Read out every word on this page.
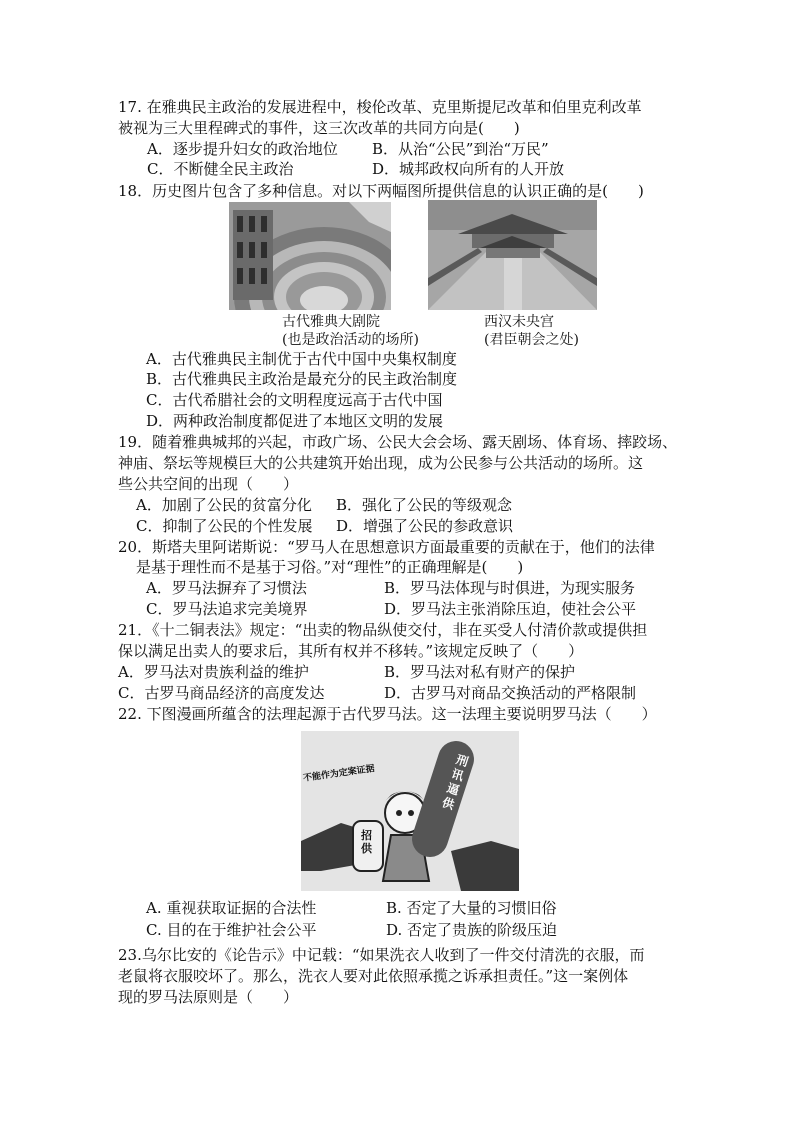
17. 在雅典民主政治的发展进程中，梭伦改革、克里斯提尼改革和伯里克利改革
被视为三大里程碑式的事件，这三次改革的共同方向是(　　)
A．逐步提升妇女的政治地位 B．从治“公民”到治“万民”
C．不断健全民主政治	D．城邦政权向所有的人开放
18．历史图片包含了多种信息。对以下两幅图所提供信息的认识正确的是(　　)
古代雅典大剧院
(也是政治活动的场所)
西汉未央宫
(君臣朝会之处)
A．古代雅典民主制优于古代中国中央集权制度
B．古代雅典民主政治是最充分的民主政治制度
C．古代希腊社会的文明程度远高于古代中国
D．两种政治制度都促进了本地区文明的发展
19．随着雅典城邦的兴起，市政广场、公民大会会场、露天剧场、体育场、摔跤场、
神庙、祭坛等规模巨大的公共建筑开始出现，成为公民参与公共活动的场所。这
些公共空间的出现（　　）
A．加剧了公民的贫富分化 B．强化了公民的等级观念
C．抑制了公民的个性发展 D．增强了公民的参政意识
20．斯塔夫里阿诺斯说：“罗马人在思想意识方面最重要的贡献在于，他们的法律
是基于理性而不是基于习俗。”对“理性”的正确理解是(　　)
A．罗马法摒弃了习惯法	B．罗马法体现与时俱进，为现实服务
C．罗马法追求完美境界	D．罗马法主张消除压迫，使社会公平
21．《十二铜表法》规定：“出卖的物品纵使交付，非在买受人付清价款或提供担
保以满足出卖人的要求后，其所有权并不移转。”该规定反映了（　　）
A．罗马法对贵族利益的维护	B．罗马法对私有财产的保护
C．古罗马商品经济的高度发达	D．古罗马对商品交换活动的严格限制
22. 下图漫画所蕴含的法理起源于古代罗马法。这一法理主要说明罗马法（　　）
不能作为定案证据
招供
刑讯逼供
A. 重视获取证据的合法性	B. 否定了大量的习惯旧俗
C. 目的在于维护社会公平	D. 否定了贵族的阶级压迫
23.乌尔比安的《论告示》中记载：“如果洗衣人收到了一件交付清洗的衣服，而
老鼠将衣服咬坏了。那么，洗衣人要对此依照承揽之诉承担责任。”这一案例体
现的罗马法原则是（　　）
